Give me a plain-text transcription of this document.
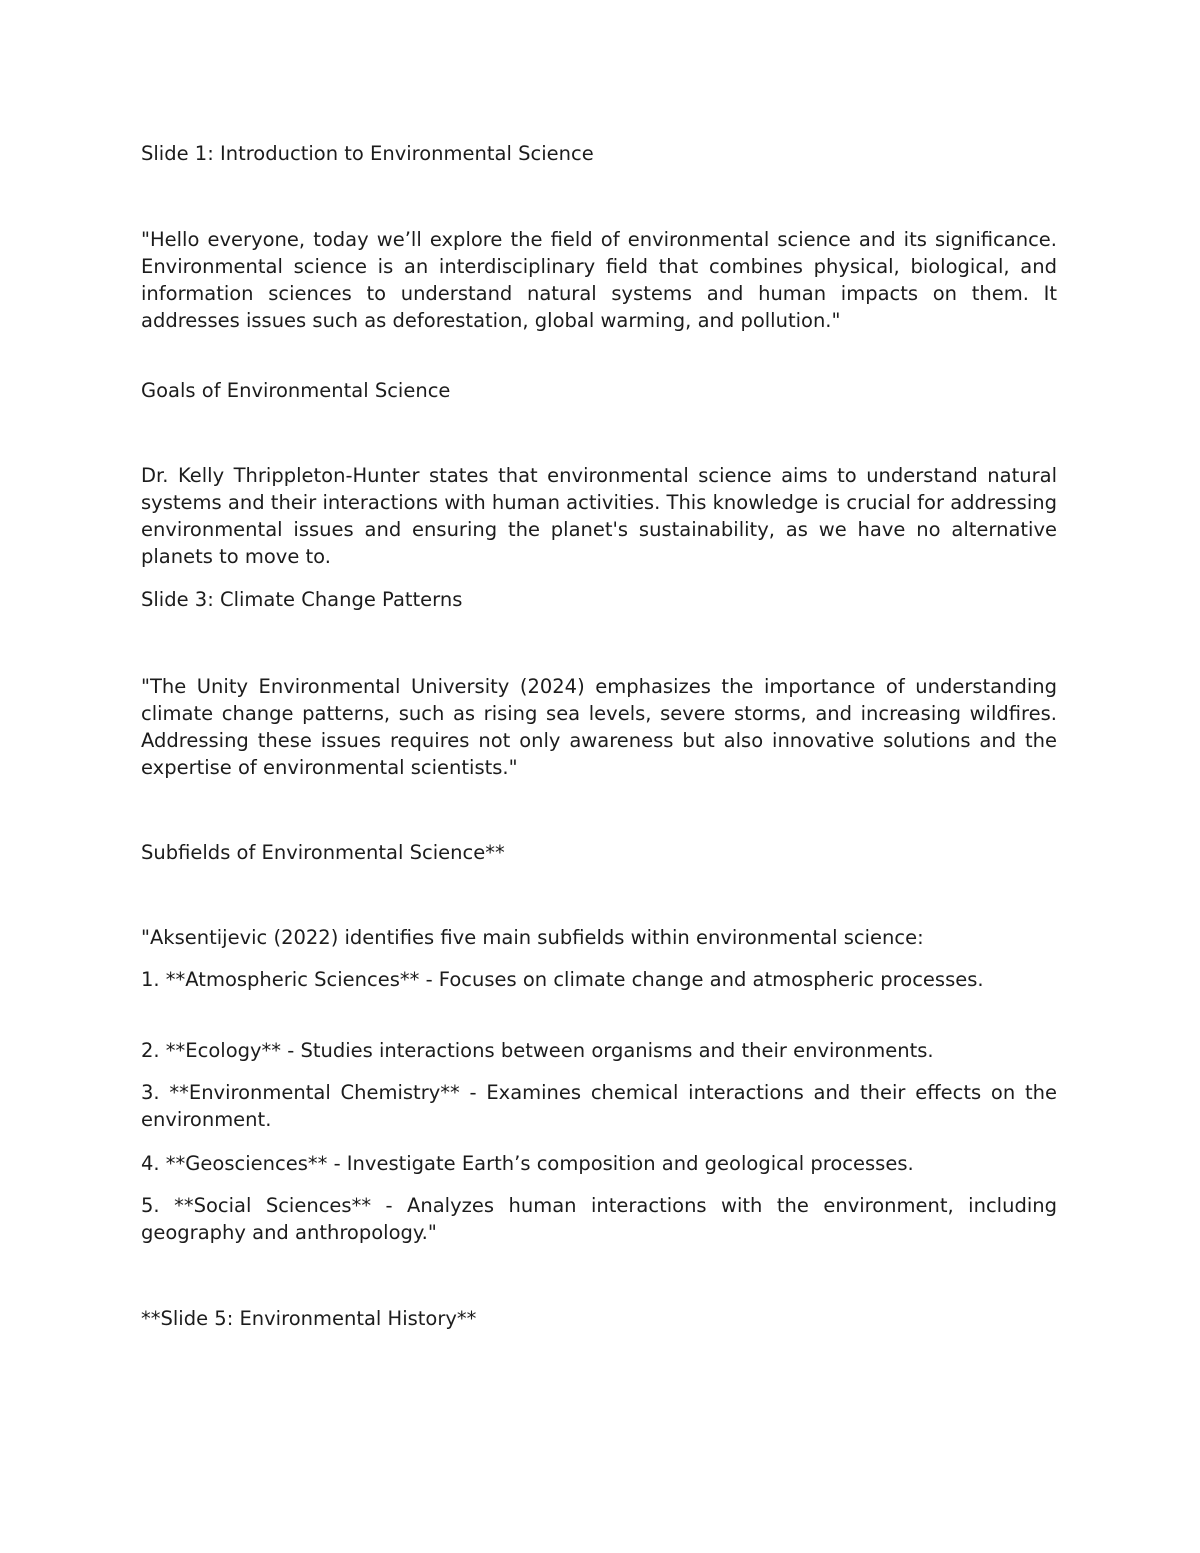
Slide 1: Introduction to Environmental Science

"Hello everyone, today we’ll explore the field of environmental science and its significance. Environmental science is an interdisciplinary field that combines physical, biological, and information sciences to understand natural systems and human impacts on them. It addresses issues such as deforestation, global warming, and pollution."

Goals of Environmental Science

Dr. Kelly Thrippleton-Hunter states that environmental science aims to understand natural systems and their interactions with human activities. This knowledge is crucial for addressing environmental issues and ensuring the planet's sustainability, as we have no alternative planets to move to.

Slide 3: Climate Change Patterns

"The Unity Environmental University (2024) emphasizes the importance of understanding climate change patterns, such as rising sea levels, severe storms, and increasing wildfires. Addressing these issues requires not only awareness but also innovative solutions and the expertise of environmental scientists."

Subfields of Environmental Science**

"Aksentijevic (2022) identifies five main subfields within environmental science:

1. **Atmospheric Sciences** - Focuses on climate change and atmospheric processes.

2. **Ecology** - Studies interactions between organisms and their environments.

3. **Environmental Chemistry** - Examines chemical interactions and their effects on the environment.

4. **Geosciences** - Investigate Earth’s composition and geological processes.

5. **Social Sciences** - Analyzes human interactions with the environment, including geography and anthropology."

**Slide 5: Environmental History**
